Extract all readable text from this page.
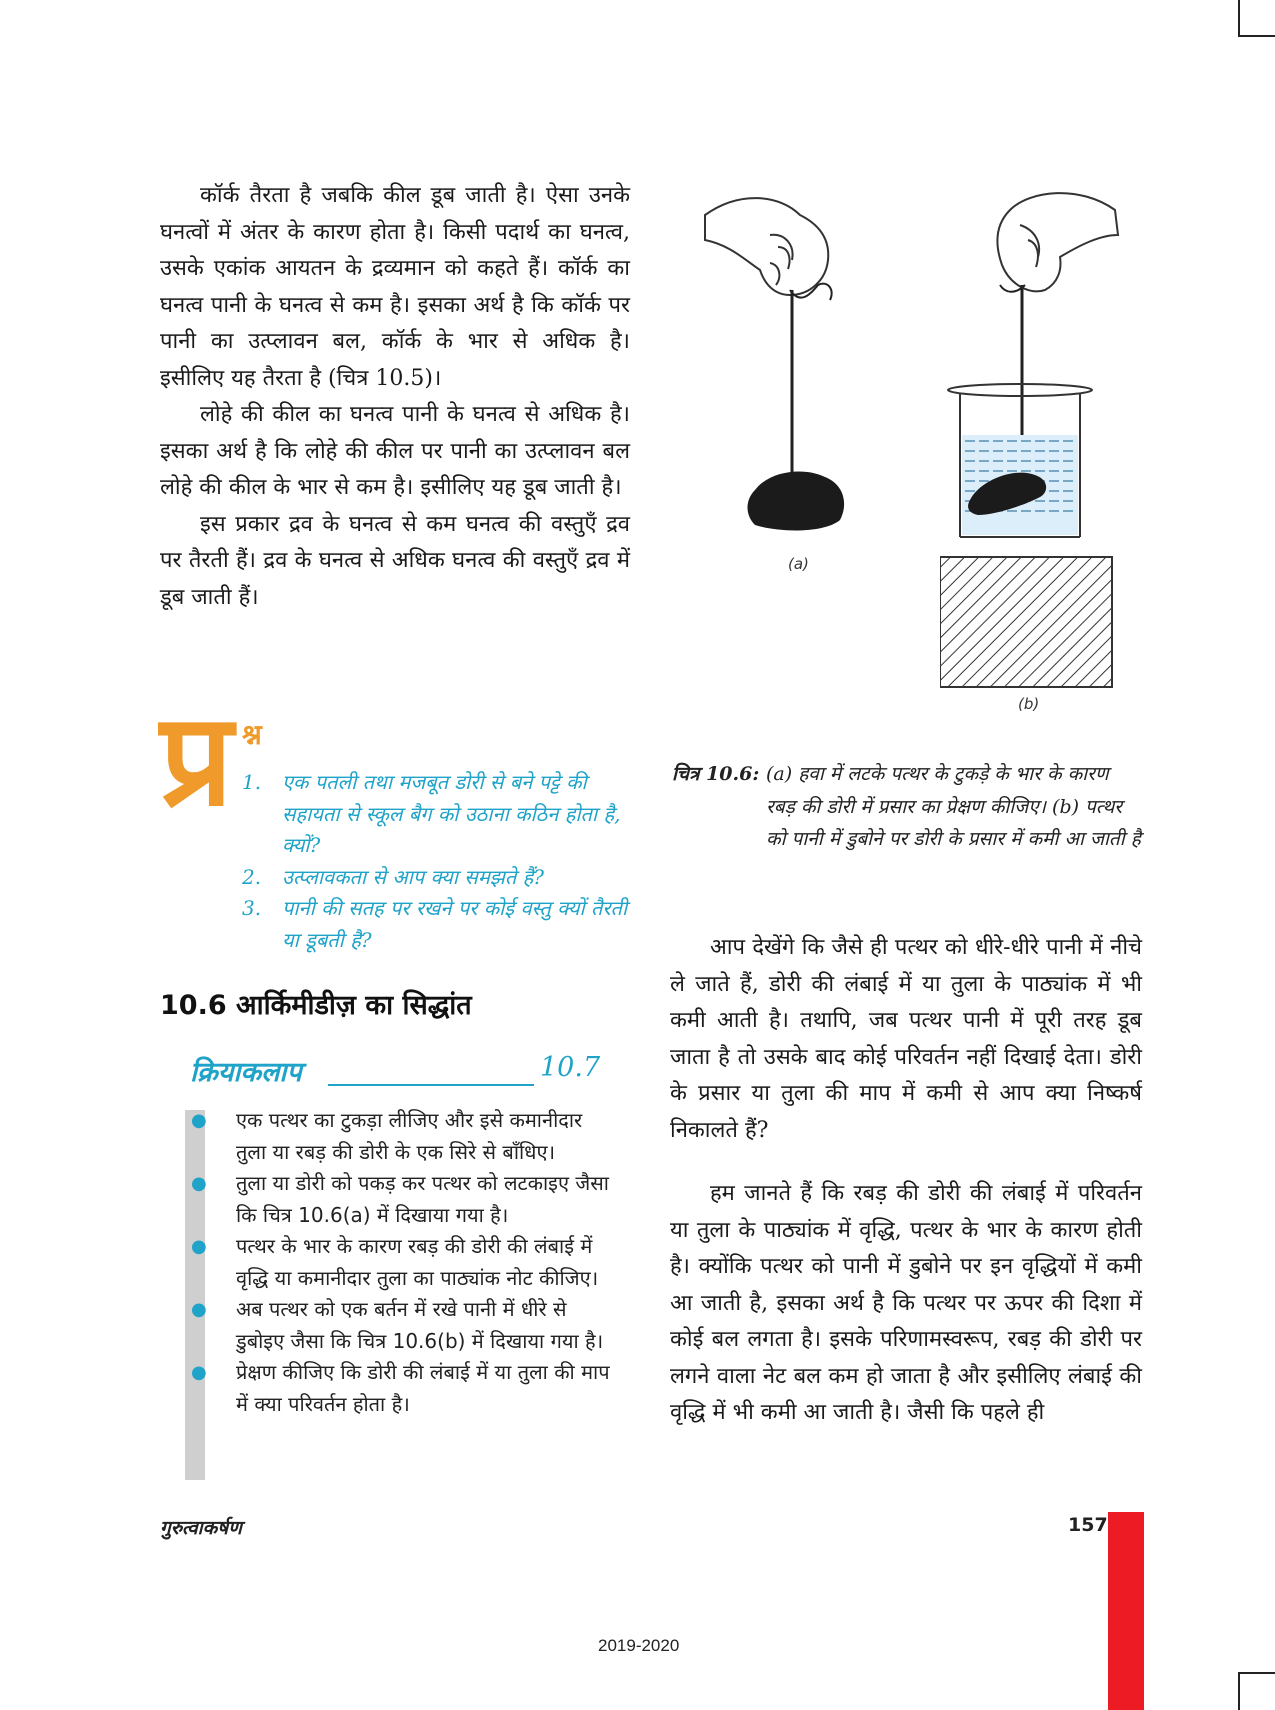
कॉर्क तैरता है जबकि कील डूब जाती है। ऐसा उनके घनत्वों में अंतर के कारण होता है। किसी पदार्थ का घनत्व, उसके एकांक आयतन के द्रव्यमान को कहते हैं। कॉर्क का घनत्व पानी के घनत्व से कम है। इसका अर्थ है कि कॉर्क पर पानी का उत्प्लावन बल, कॉर्क के भार से अधिक है। इसीलिए यह तैरता है (चित्र 10.5)।

लोहे की कील का घनत्व पानी के घनत्व से अधिक है। इसका अर्थ है कि लोहे की कील पर पानी का उत्प्लावन बल लोहे की कील के भार से कम है। इसीलिए यह डूब जाती है।

इस प्रकार द्रव के घनत्व से कम घनत्व की वस्तुएँ द्रव पर तैरती हैं। द्रव के घनत्व से अधिक घनत्व की वस्तुएँ द्रव में डूब जाती हैं।

प्र श्न
1. एक पतली तथा मजबूत डोरी से बने पट्टे की सहायता से स्कूल बैग को उठाना कठिन होता है, क्यों?
2. उत्प्लावकता से आप क्या समझते हैं?
3. पानी की सतह पर रखने पर कोई वस्तु क्यों तैरती या डूबती है?
10.6 आर्किमीडीज़ का सिद्धांत
क्रियाकलाप	10.7
● एक पत्थर का टुकड़ा लीजिए और इसे कमानीदार तुला या रबड़ की डोरी के एक सिरे से बाँधिए।
● तुला या डोरी को पकड़ कर पत्थर को लटकाइए जैसा कि चित्र 10.6(a) में दिखाया गया है।
● पत्थर के भार के कारण रबड़ की डोरी की लंबाई में वृद्धि या कमानीदार तुला का पाठ्यांक नोट कीजिए।
● अब पत्थर को एक बर्तन में रखे पानी में धीरे से डुबोइए जैसा कि चित्र 10.6(b) में दिखाया गया है।
● प्रेक्षण कीजिए कि डोरी की लंबाई में या तुला की माप में क्या परिवर्तन होता है।
(a)
(b)
चित्र 10.6: (a) हवा में लटके पत्थर के टुकड़े के भार के कारण रबड़ की डोरी में प्रसार का प्रेक्षण कीजिए। (b) पत्थर को पानी में डुबोने पर डोरी के प्रसार में कमी आ जाती है

आप देखेंगे कि जैसे ही पत्थर को धीरे-धीरे पानी में नीचे ले जाते हैं, डोरी की लंबाई में या तुला के पाठ्यांक में भी कमी आती है। तथापि, जब पत्थर पानी में पूरी तरह डूब जाता है तो उसके बाद कोई परिवर्तन नहीं दिखाई देता। डोरी के प्रसार या तुला की माप में कमी से आप क्या निष्कर्ष निकालते हैं?

हम जानते हैं कि रबड़ की डोरी की लंबाई में परिवर्तन या तुला के पाठ्यांक में वृद्धि, पत्थर के भार के कारण होती है। क्योंकि पत्थर को पानी में डुबोने पर इन वृद्धियों में कमी आ जाती है, इसका अर्थ है कि पत्थर पर ऊपर की दिशा में कोई बल लगता है। इसके परिणामस्वरूप, रबड़ की डोरी पर लगने वाला नेट बल कम हो जाता है और इसीलिए लंबाई की वृद्धि में भी कमी आ जाती है। जैसी कि पहले ही

गुरुत्वाकर्षण	157
2019-2020
